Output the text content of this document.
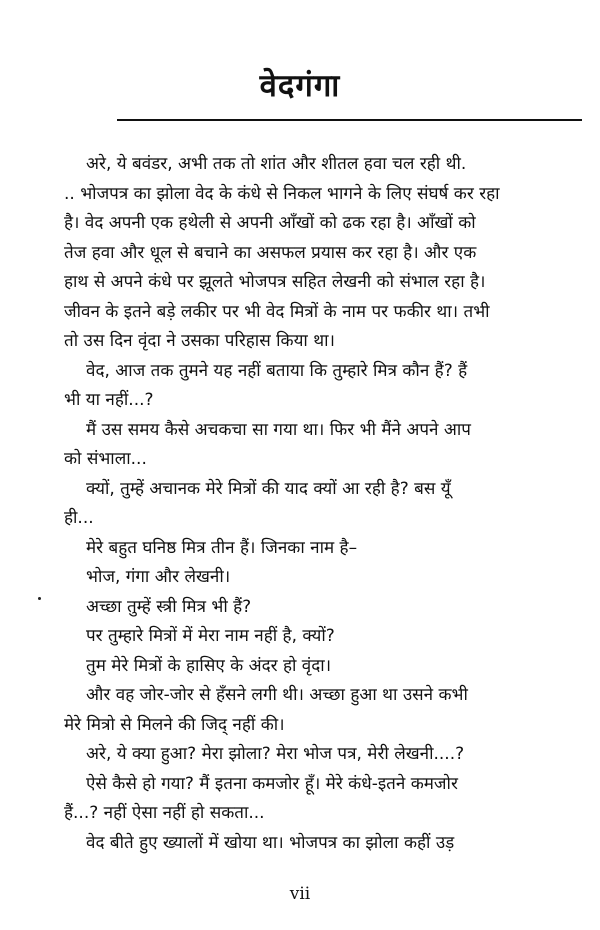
वेदगंगा
अरे, ये बवंडर, अभी तक तो शांत और शीतल हवा चल रही थी.
.. भोजपत्र का झोला वेद के कंधे से निकल भागने के लिए संघर्ष कर रहा
है। वेद अपनी एक हथेली से अपनी आँखों को ढक रहा है। आँखों को
तेज हवा और धूल से बचाने का असफल प्रयास कर रहा है। और एक
हाथ से अपने कंधे पर झूलते भोजपत्र सहित लेखनी को संभाल रहा है।
जीवन के इतने बड़े लकीर पर भी वेद मित्रों के नाम पर फकीर था। तभी
तो उस दिन वृंदा ने उसका परिहास किया था।
वेद, आज तक तुमने यह नहीं बताया कि तुम्हारे मित्र कौन हैं? हैं
भी या नहीं...?
मैं उस समय कैसे अचकचा सा गया था। फिर भी मैंने अपने आप
को संभाला...
क्यों, तुम्हें अचानक मेरे मित्रों की याद क्यों आ रही है? बस यूँ
ही...
मेरे बहुत घनिष्ठ मित्र तीन हैं। जिनका नाम है–
भोज, गंगा और लेखनी।
अच्छा तुम्हें स्त्री मित्र भी हैं?
पर तुम्हारे मित्रों में मेरा नाम नहीं है, क्यों?
तुम मेरे मित्रों के हासिए के अंदर हो वृंदा।
और वह जोर-जोर से हँसने लगी थी। अच्छा हुआ था उसने कभी
मेरे मित्रो से मिलने की जिद् नहीं की।
अरे, ये क्या हुआ? मेरा झोला? मेरा भोज पत्र, मेरी लेखनी....?
ऐसे कैसे हो गया? मैं इतना कमजोर हूँ। मेरे कंधे-इतने कमजोर
हैं...? नहीं ऐसा नहीं हो सकता...
वेद बीते हुए ख्यालों में खोया था। भोजपत्र का झोला कहीं उड़
vii
